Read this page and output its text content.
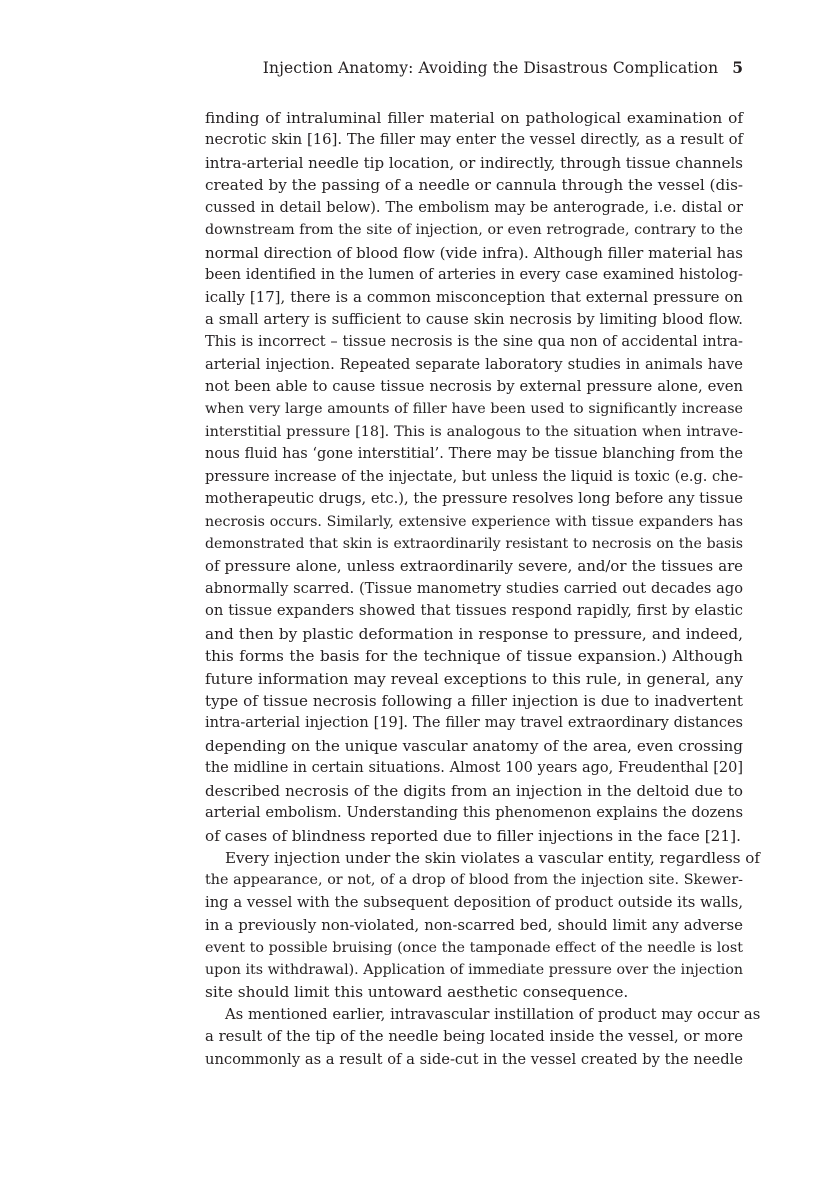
Injection Anatomy: Avoiding the Disastrous Complication 5
finding of intraluminal filler material on pathological examination of
necrotic skin [16]. The filler may enter the vessel directly, as a result of
intra-arterial needle tip location, or indirectly, through tissue channels
created by the passing of a needle or cannula through the vessel (dis-
cussed in detail below). The embolism may be anterograde, i.e. distal or
downstream from the site of injection, or even retrograde, contrary to the
normal direction of blood flow (vide infra). Although filler material has
been identified in the lumen of arteries in every case examined histolog-
ically [17], there is a common misconception that external pressure on
a small artery is sufficient to cause skin necrosis by limiting blood flow.
This is incorrect – tissue necrosis is the sine qua non of accidental intra-
arterial injection. Repeated separate laboratory studies in animals have
not been able to cause tissue necrosis by external pressure alone, even
when very large amounts of filler have been used to significantly increase
interstitial pressure [18]. This is analogous to the situation when intrave-
nous fluid has ‘gone interstitial’. There may be tissue blanching from the
pressure increase of the injectate, but unless the liquid is toxic (e.g. che-
motherapeutic drugs, etc.), the pressure resolves long before any tissue
necrosis occurs. Similarly, extensive experience with tissue expanders has
demonstrated that skin is extraordinarily resistant to necrosis on the basis
of pressure alone, unless extraordinarily severe, and/or the tissues are
abnormally scarred. (Tissue manometry studies carried out decades ago
on tissue expanders showed that tissues respond rapidly, first by elastic
and then by plastic deformation in response to pressure, and indeed,
this forms the basis for the technique of tissue expansion.) Although
future information may reveal exceptions to this rule, in general, any
type of tissue necrosis following a filler injection is due to inadvertent
intra-arterial injection [19]. The filler may travel extraordinary distances
depending on the unique vascular anatomy of the area, even crossing
the midline in certain situations. Almost 100 years ago, Freudenthal [20]
described necrosis of the digits from an injection in the deltoid due to
arterial embolism. Understanding this phenomenon explains the dozens
of cases of blindness reported due to filler injections in the face [21].
Every injection under the skin violates a vascular entity, regardless of
the appearance, or not, of a drop of blood from the injection site. Skewer-
ing a vessel with the subsequent deposition of product outside its walls,
in a previously non-violated, non-scarred bed, should limit any adverse
event to possible bruising (once the tamponade effect of the needle is lost
upon its withdrawal). Application of immediate pressure over the injection
site should limit this untoward aesthetic consequence.
As mentioned earlier, intravascular instillation of product may occur as
a result of the tip of the needle being located inside the vessel, or more
uncommonly as a result of a side-cut in the vessel created by the needle
